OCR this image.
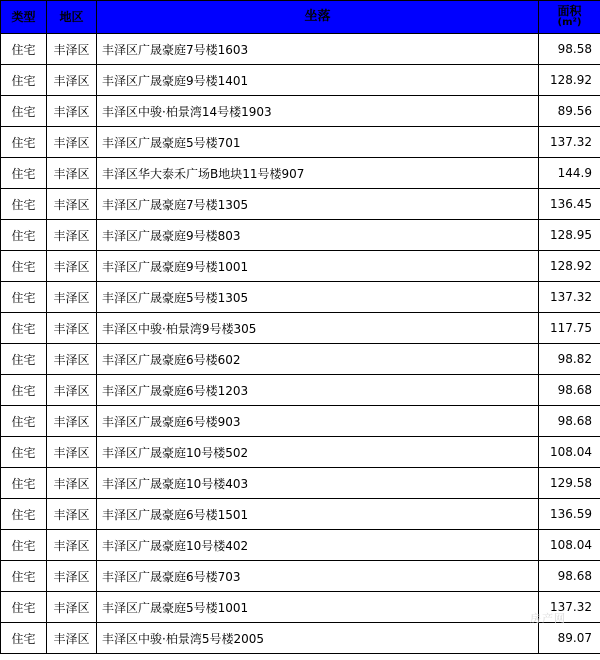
类型	地区	坐落	面积
(m²)

住宅	丰泽区	丰泽区广晟豪庭7号楼1603	98.58
住宅	丰泽区	丰泽区广晟豪庭9号楼1401	128.92
住宅	丰泽区	丰泽区中骏·柏景湾14号楼1903	89.56
住宅	丰泽区	丰泽区广晟豪庭5号楼701	137.32
住宅	丰泽区	丰泽区华大泰禾广场B地块11号楼907	144.9
住宅	丰泽区	丰泽区广晟豪庭7号楼1305	136.45
住宅	丰泽区	丰泽区广晟豪庭9号楼803	128.95
住宅	丰泽区	丰泽区广晟豪庭9号楼1001	128.92
住宅	丰泽区	丰泽区广晟豪庭5号楼1305	137.32
住宅	丰泽区	丰泽区中骏·柏景湾9号楼305	117.75
住宅	丰泽区	丰泽区广晟豪庭6号楼602	98.82
住宅	丰泽区	丰泽区广晟豪庭6号楼1203	98.68
住宅	丰泽区	丰泽区广晟豪庭6号楼903	98.68
住宅	丰泽区	丰泽区广晟豪庭10号楼502	108.04
住宅	丰泽区	丰泽区广晟豪庭10号楼403	129.58
住宅	丰泽区	丰泽区广晟豪庭6号楼1501	136.59
住宅	丰泽区	丰泽区广晟豪庭10号楼402	108.04
住宅	丰泽区	丰泽区广晟豪庭6号楼703	98.68
住宅	丰泽区	丰泽区广晟豪庭5号楼1001	137.32
住宅	丰泽区	丰泽区中骏·柏景湾5号楼2005	89.07
房产网
